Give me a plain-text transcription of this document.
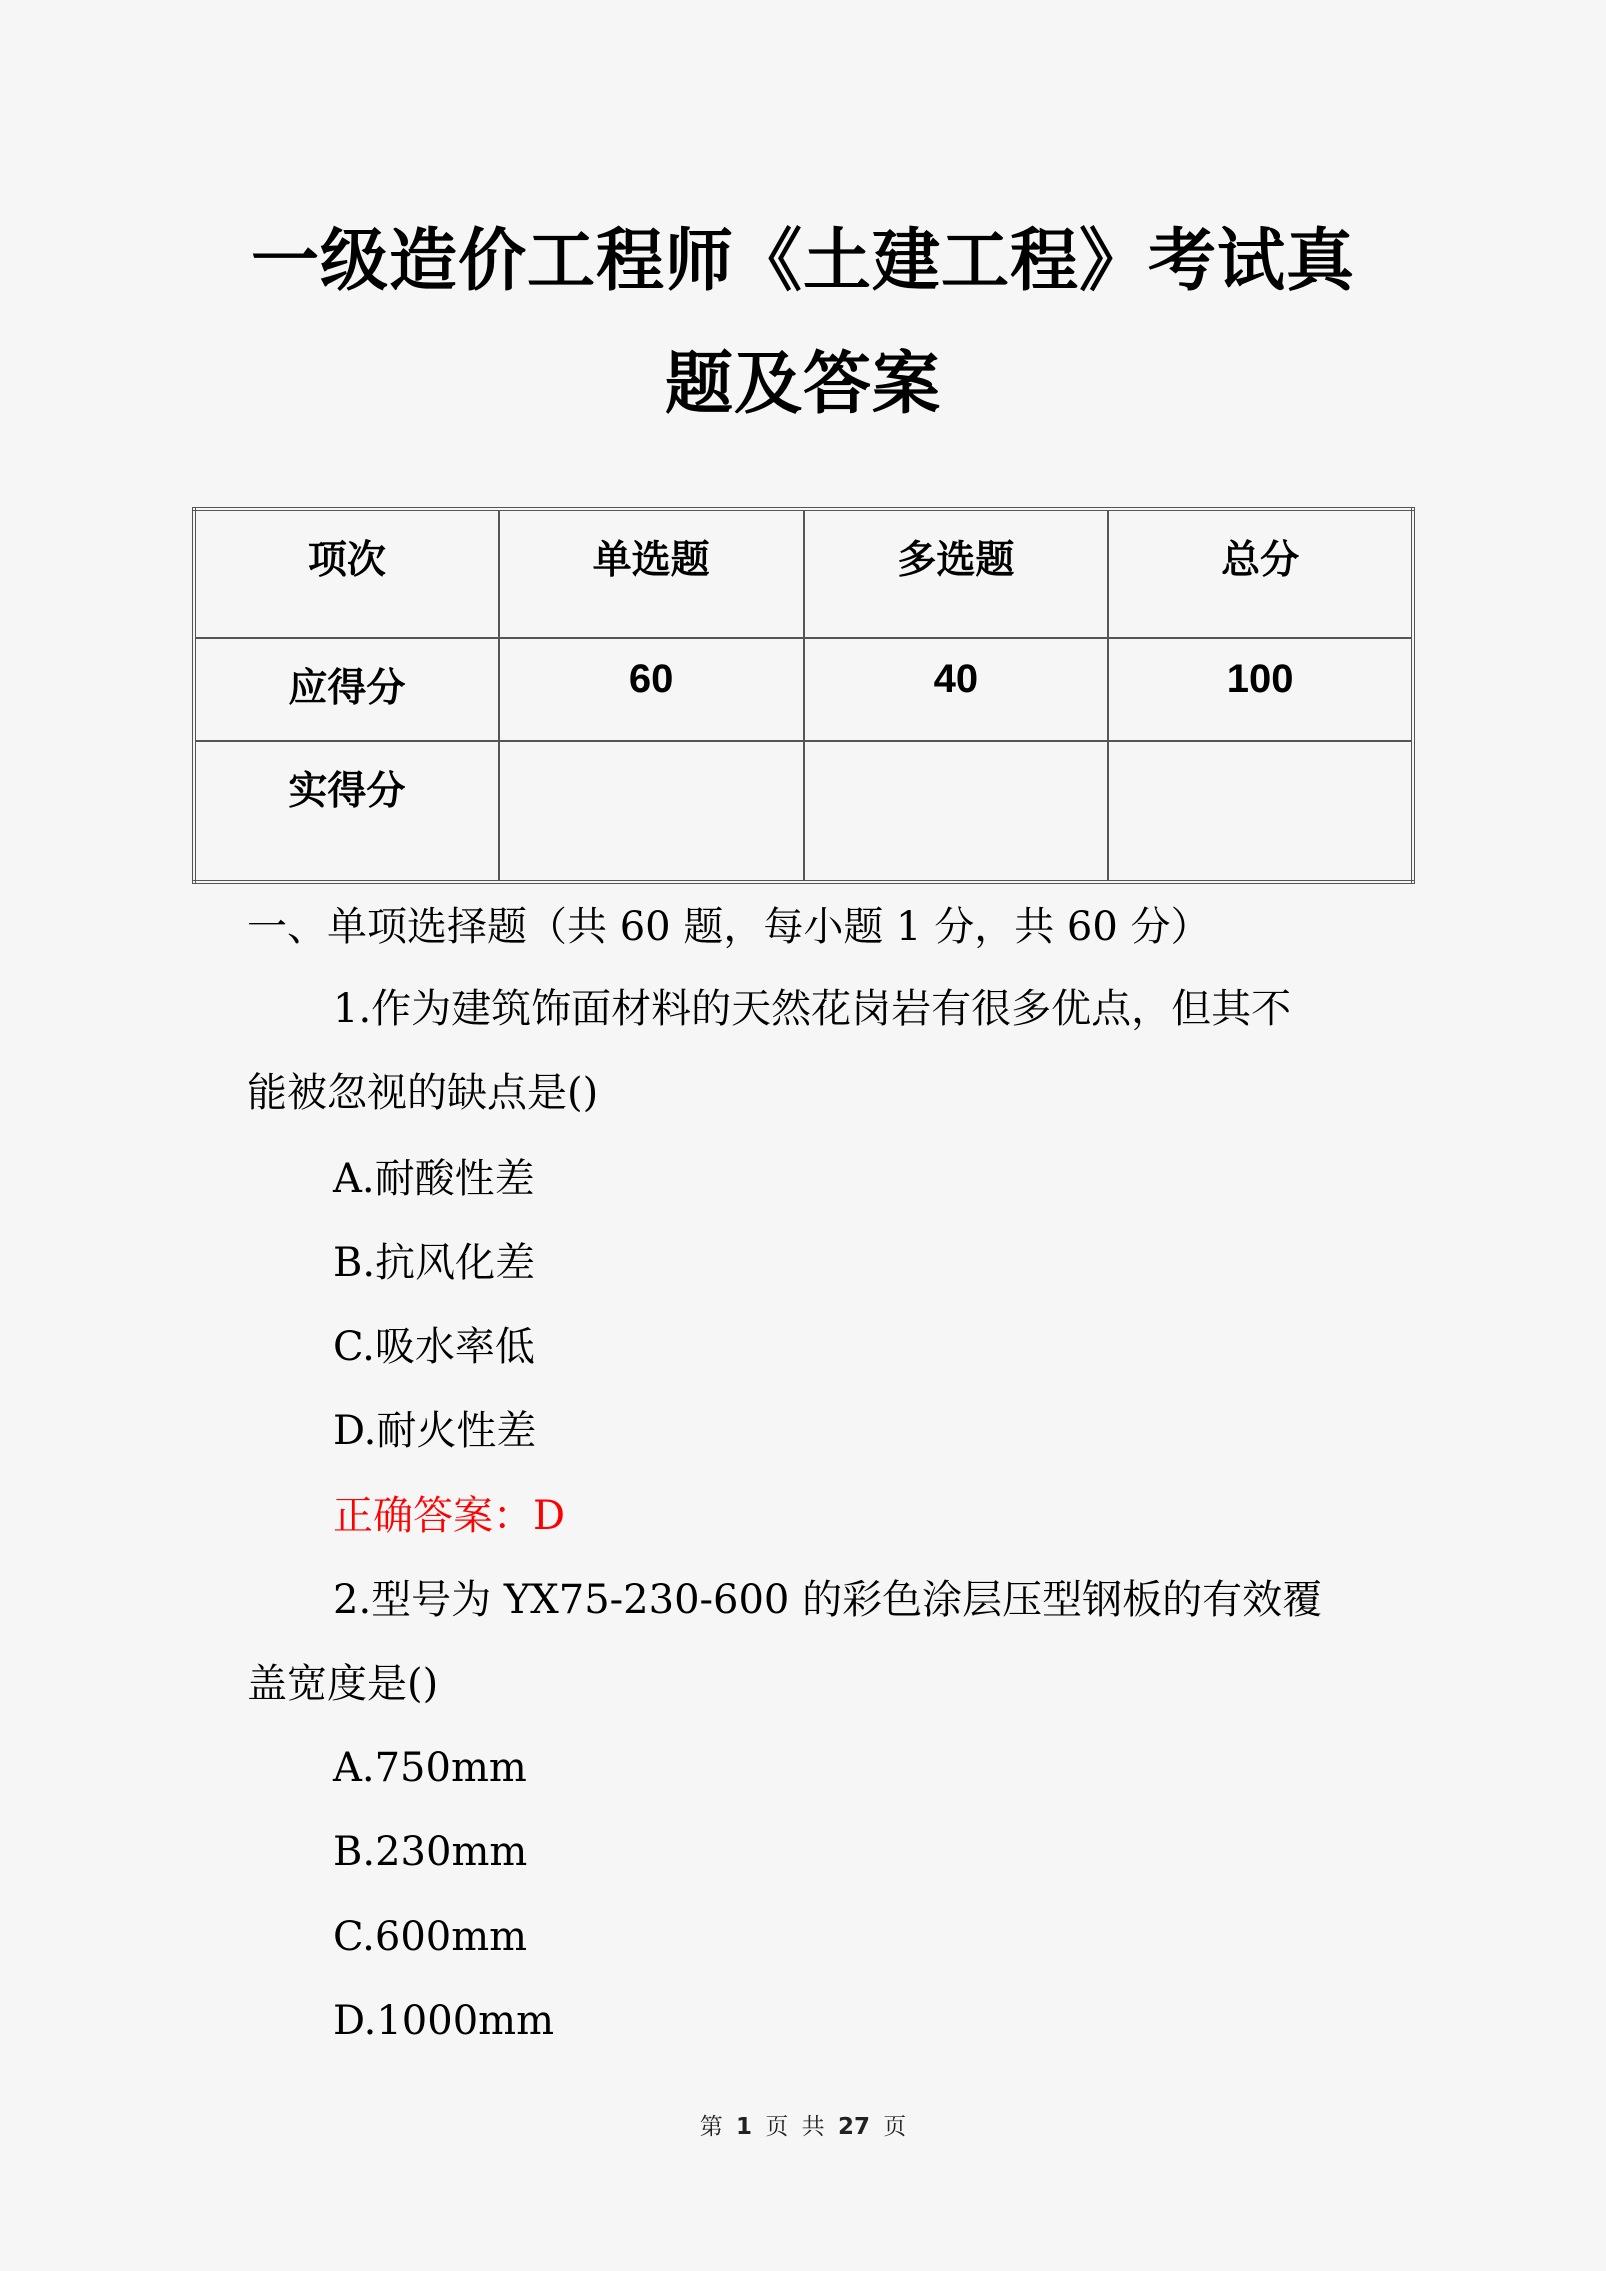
一级造价工程师《土建工程》考试真
题及答案
项次	单选题	多选题	总分
应得分	60	40	100
实得分			
一、单项选择题（共 60 题，每小题 1 分，共 60 分）
1.作为建筑饰面材料的天然花岗岩有很多优点，但其不
能被忽视的缺点是()
A.耐酸性差
B.抗风化差
C.吸水率低
D.耐火性差
正确答案：D
2.型号为 YX75-230-600 的彩色涂层压型钢板的有效覆
盖宽度是()
A.750mm
B.230mm
C.600mm
D.1000mm
第 1 页 共 27 页
